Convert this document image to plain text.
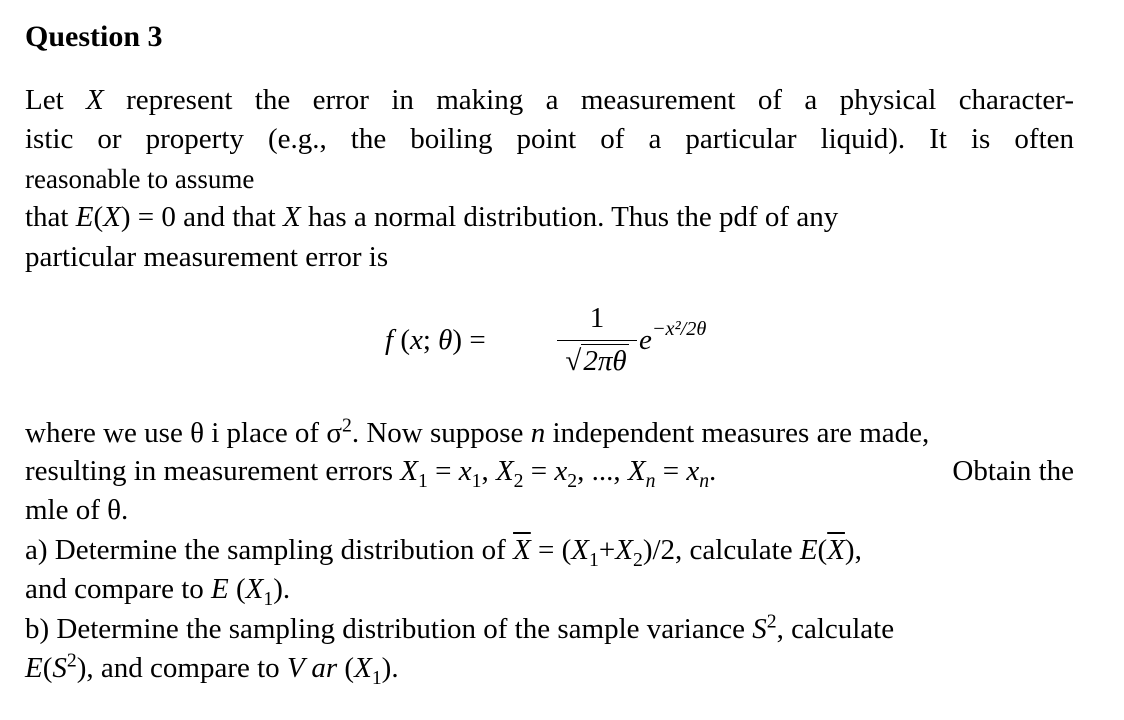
Question 3
Let X represent the error in making a measurement of a physical character-
istic or property (e.g., the boiling point of a particular liquid). It is often
reasonable to assume
that E(X) = 0 and that X has a normal distribution. Thus the pdf of any
particular measurement error is
f (x; θ) =
1
√2πθ
$e^{-x^2/2\theta}$
where we use θ i place of $\sigma^2$. Now suppose n independent measures are made,
resulting in measurement errors $X_1 = x_1$, $X_2 = x_2$, ..., $X_n = x_n$.	Obtain the
mle of θ.
a) Determine the sampling distribution of $\overline{X} = (X_1+X_2)/2$, calculate $E(\overline{X})$,
and compare to E $(X_1)$.
b) Determine the sampling distribution of the sample variance $S^2$, calculate
$E(S^2)$, and compare to V ar $(X_1)$.
